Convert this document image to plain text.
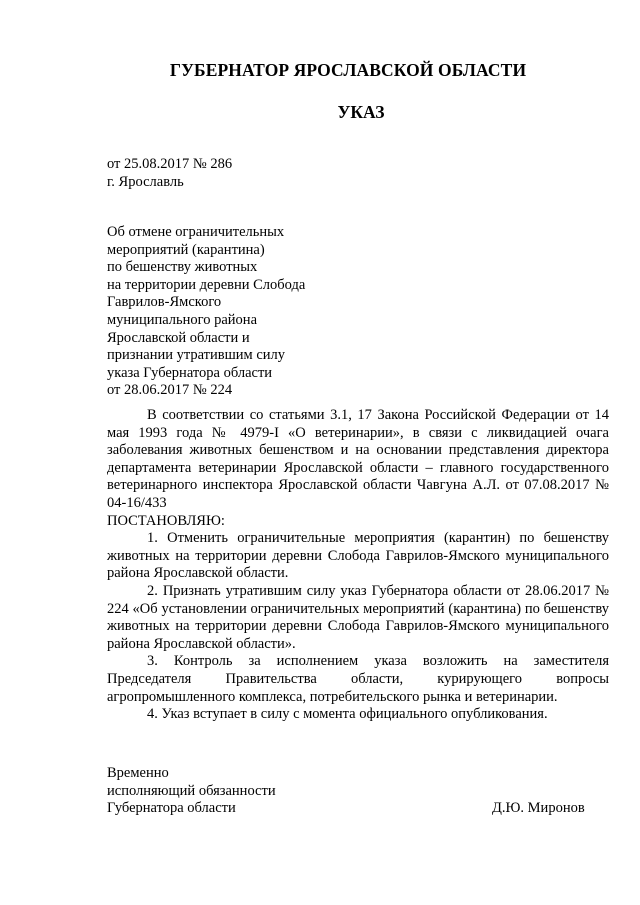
ГУБЕРНАТОР ЯРОСЛАВСКОЙ ОБЛАСТИ
УКАЗ
от 25.08.2017 № 286
г. Ярославль
Об отмене ограничительных
мероприятий (карантина)
по бешенству животных
на территории деревни Слобода
Гаврилов-Ямского
муниципального района
Ярославской области и
признании утратившим силу
указа Губернатора области
от 28.06.2017 № 224

В соответствии со статьями 3.1, 17 Закона Российской Федерации от 14 мая 1993 года № 4979-I «О ветеринарии», в связи с ликвидацией очага заболевания животных бешенством и на основании представления директора департамента ветеринарии Ярославской области – главного государственного ветеринарного инспектора Ярославской области Чавгуна А.Л. от 07.08.2017 № 04-16/433

ПОСТАНОВЛЯЮ:

1. Отменить ограничительные мероприятия (карантин) по бешенству животных на территории деревни Слобода Гаврилов-Ямского муниципального района Ярославской области.

2. Признать утратившим силу указ Губернатора области от 28.06.2017 № 224 «Об установлении ограничительных мероприятий (карантина) по бешенству животных на территории деревни Слобода Гаврилов-Ямского муниципального района Ярославской области».

3. Контроль за исполнением указа возложить на заместителя Председателя Правительства области, курирующего вопросы агропромышленного комплекса, потребительского рынка и ветеринарии.

4. Указ вступает в силу с момента официального опубликования.

Временно
исполняющий обязанности
Губернатора области	Д.Ю. Миронов
